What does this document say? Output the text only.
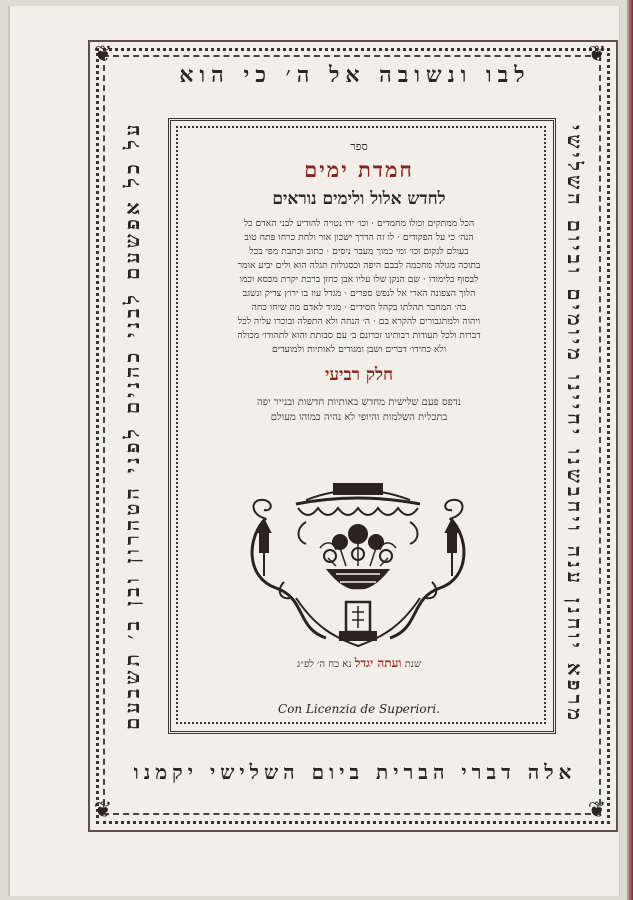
❦	❦
❦	❦
לבו ונשובה אל ה׳ כי הוא
מרפא יוחנן ענה ויחבשנו יחיינו מיומים וביום השלישי
על כל אפשעם לבני כהנים לפני הטהרון ובן ב׳ תשבעם
אלה דברי הברית ביום השלישי יקמנו
ספר
חמדת ימים
לחדש אלול ולימים נוראים
הכל ממתקים וכולו מחמדים · וכו׳ ידו נטויה להודיע לבני האדם כל
הנה׳ כי על הפקודים · לו זה הדרך ישכון אור ולחת כרחו פתח טוב
בעולם לנקום וכו׳ ומי כמוך מעבר ניסים · כתוב וכתבת מפי בכל
בתוכה מגולה מחכמה לבבם היפה וכסגולות תגלה הוא ולים יביע אומר
לבסוף בלימודו · שם הנקן שלו עליו אבן כחזן ברכת יקרת מכסא וכמו
הלוך הצפונה הארי אל לנפש ספרים · מגדל עוז בו ירוץ צדיק ונשגב
כה׳ המחבר תהלתו בקהל חסידים · מגיד לאדם מה שיחו כחה
ויהוה ולמתגבורים להקרא בם · ה׳ הנחה ולא התפלה ובוכרו עליה לכל
דברות ולכל תעודות רבותינו זכרונם ב׳ עם סבותת והוא לתהודו׳ מכולה
ולא כחידו׳ דברים ושבן ומגודים לאותיות ולמועדים
חלק רביעי
נדפס פעם שלישית מחדש באותיות חדשות ובנייר יפה
בתכלית השלמות והיופי לא נהיה כמוהו מעולם
שנת ועתה יגדל נא כח ה׳ לפ״ג
Con Licenzia de Superiori.
